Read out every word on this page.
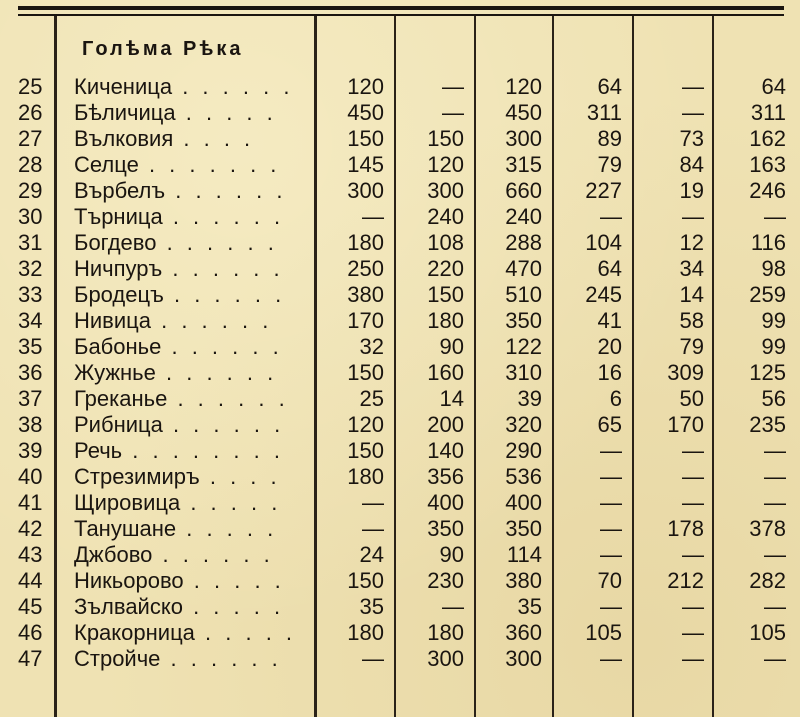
Голѣма Рѣка
25 Киченица . . . . . .	120	—	120	64	—	64
26 Бѣличица . . . . .	450	—	450	311	—	311
27 Вълковия . . . .	150	150	300	89	73	162
28 Селце . . . . . . .	145	120	315	79	84	163
29 Върбелъ . . . . . .	300	300	660	227	19	246
30 Търница . . . . . .	—	240	240	—	—	—
31 Богдево . . . . . .	180	108	288	104	12	116
32 Ничпуръ . . . . . .	250	220	470	64	34	98
33 Бродецъ . . . . . .	380	150	510	245	14	259
34 Нивица . . . . . .	170	180	350	41	58	99
35 Бабонье . . . . . .	32	90	122	20	79	99
36 Жужнье . . . . . .	150	160	310	16	309	125
37 Греканье . . . . . .	25	14	39	6	50	56
38 Рибница . . . . . .	120	200	320	65	170	235
39 Речь . . . . . . . .	150	140	290	—	—	—
40 Стрезимиръ . . . .	180	356	536	—	—	—
41 Щировица . . . . .	—	400	400	—	—	—
42 Танушане . . . . .	—	350	350	—	178	378
43 Джбово . . . . . .	24	90	114	—	—	—
44 Никьорово . . . . .	150	230	380	70	212	282
45 Зълвайско . . . . .	35	—	35	—	—	—
46 Кракорница . . . . .	180	180	360	105	—	105
47 Стройче . . . . . .	—	300	300	—	—	—
